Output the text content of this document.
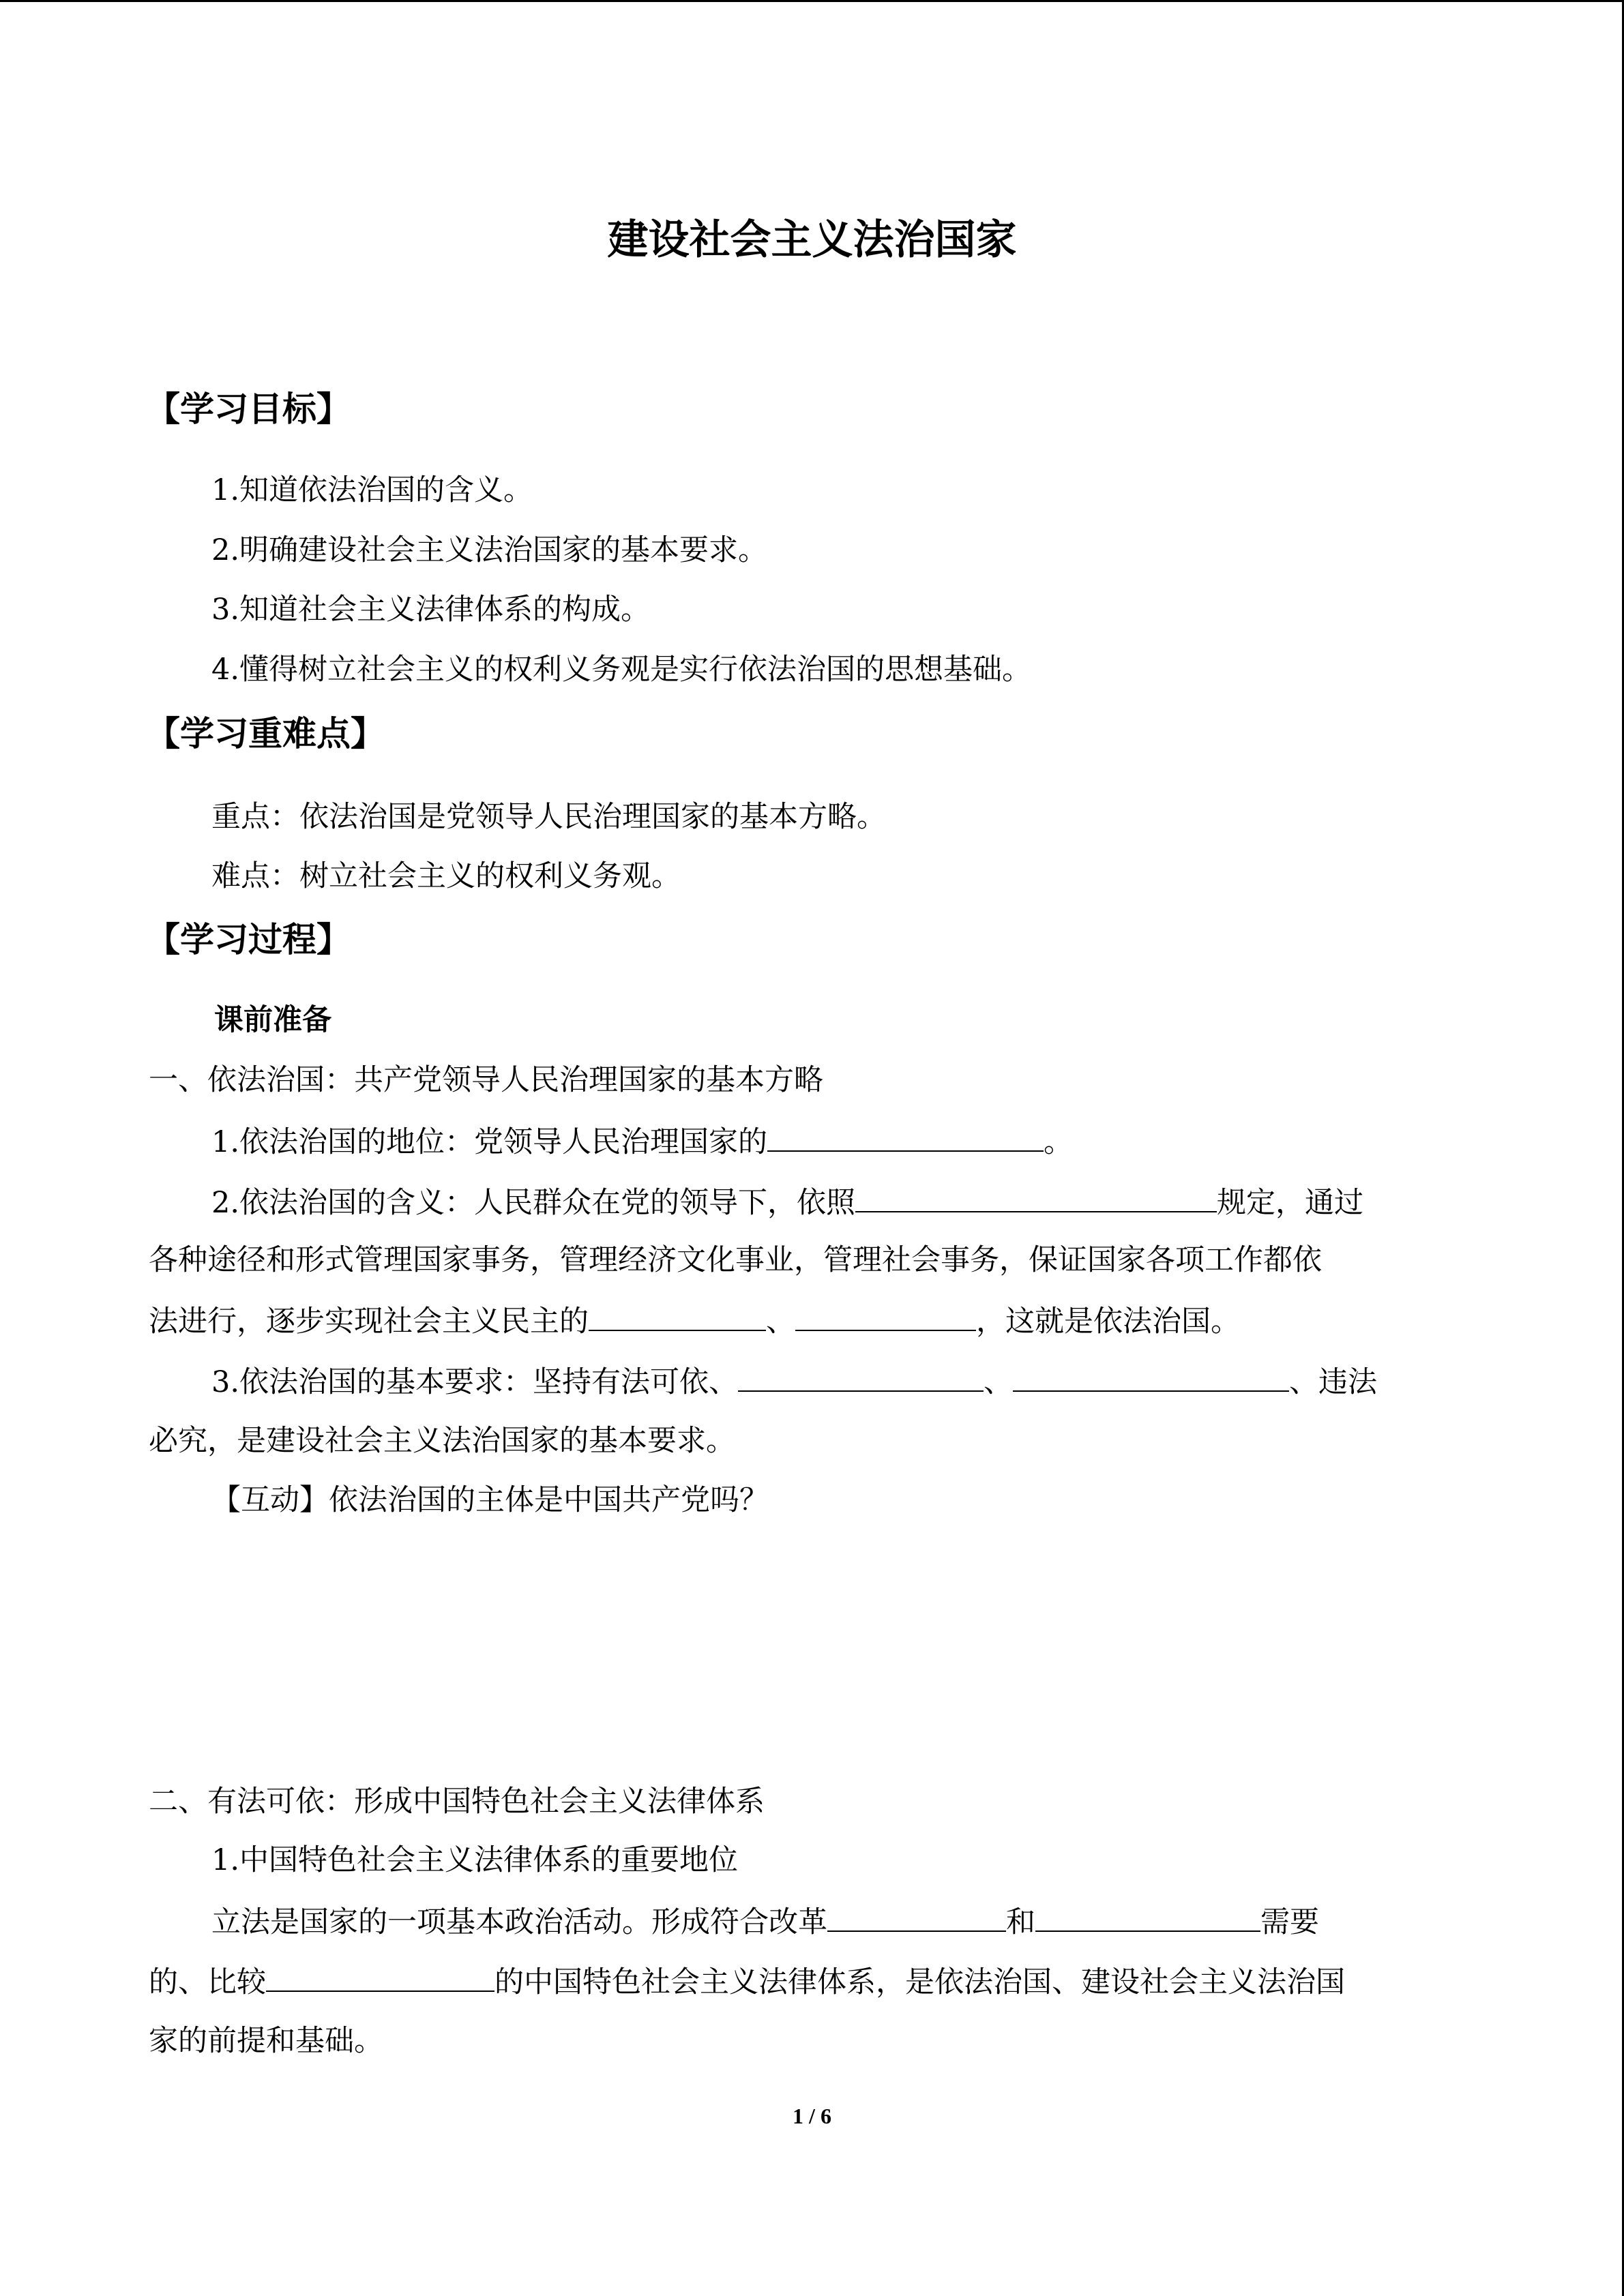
建设社会主义法治国家
【学习目标】
1.知道依法治国的含义。
2.明确建设社会主义法治国家的基本要求。
3.知道社会主义法律体系的构成。
4.懂得树立社会主义的权利义务观是实行依法治国的思想基础。
【学习重难点】
重点：依法治国是党领导人民治理国家的基本方略。
难点：树立社会主义的权利义务观。
【学习过程】
课前准备
一、依法治国：共产党领导人民治理国家的基本方略
1.依法治国的地位：党领导人民治理国家的	。
2.依法治国的含义：人民群众在党的领导下，依照	规定，通过
各种途径和形式管理国家事务，管理经济文化事业，管理社会事务，保证国家各项工作都依
法进行，逐步实现社会主义民主的	、	，这就是依法治国。
3.依法治国的基本要求：坚持有法可依、	、	、违法
必究，是建设社会主义法治国家的基本要求。
【互动】依法治国的主体是中国共产党吗？
二、有法可依：形成中国特色社会主义法律体系
1.中国特色社会主义法律体系的重要地位
立法是国家的一项基本政治活动。形成符合改革	和	需要
的、比较	的中国特色社会主义法律体系，是依法治国、建设社会主义法治国
家的前提和基础。
1 / 6
